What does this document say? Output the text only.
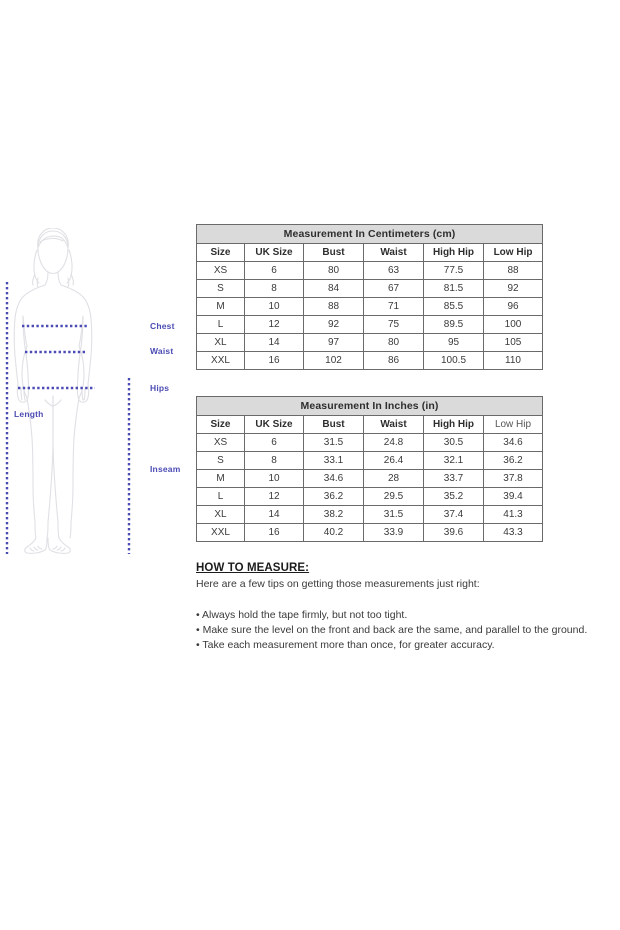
Chest
Waist
Hips
Inseam
Length
Measurement In Centimeters (cm)					
Size	UK Size	Bust	Waist	High Hip	Low Hip
XS	6	80	63	77.5	88
S	8	84	67	81.5	92
M	10	88	71	85.5	96
L	12	92	75	89.5	100
XL	14	97	80	95	105
XXL	16	102	86	100.5	110
Measurement In Inches (in)					
Size	UK Size	Bust	Waist	High Hip	Low Hip
XS	6	31.5	24.8	30.5	34.6
S	8	33.1	26.4	32.1	36.2
M	10	34.6	28	33.7	37.8
L	12	36.2	29.5	35.2	39.4
XL	14	38.2	31.5	37.4	41.3
XXL	16	40.2	33.9	39.6	43.3
HOW TO MEASURE:

Here are a few tips on getting those measurements just right:

• Always hold the tape firmly, but not too tight.
• Make sure the level on the front and back are the same, and parallel to the ground.
• Take each measurement more than once, for greater accuracy.
